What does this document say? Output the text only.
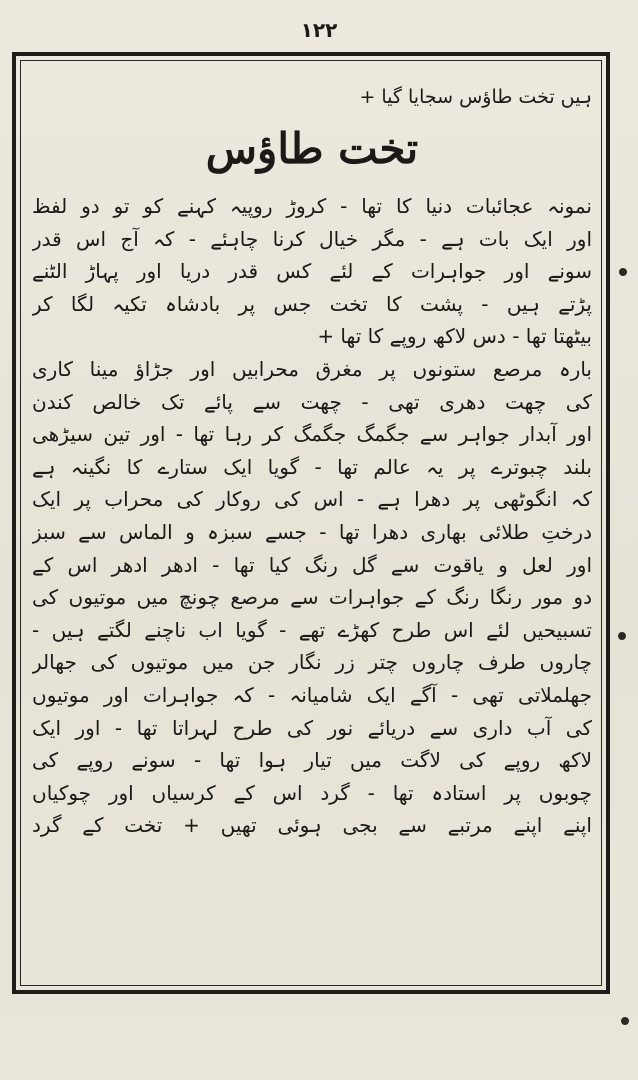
١٢٢

ہیں تخت طاؤس سجایا گیا +

تخت طاؤس
نمونہ عجائبات دنیا کا تھا - کروڑ روپیہ کہنے کو تو دو لفظ
اور ایک بات ہے - مگر خیال کرنا چاہئے - کہ آج اس قدر
سونے اور جواہرات کے لئے کس قدر دریا اور پہاڑ الٹنے
پڑتے ہیں - پشت کا تخت جس پر بادشاہ تکیہ لگا کر
بیٹھتا تھا - دس لاکھ روپے کا تھا +
بارہ مرصع ستونوں پر مغرق محرابیں اور جڑاؤ مینا کاری
کی چھت دھری تھی - چھت سے پائے تک خالص کندن
اور آبدار جواہر سے جگمگ جگمگ کر رہا تھا - اور تین سیڑھی
بلند چبوترے پر یہ عالم تھا - گویا ایک ستارے کا نگینہ ہے
کہ انگوٹھی پر دھرا ہے - اس کی روکار کی محراب پر ایک
درختِ طلائی بھاری دھرا تھا - جسے سبزہ و الماس سے سبز
اور لعل و یاقوت سے گل رنگ کیا تھا - ادھر ادھر اس کے
دو مور رنگا رنگ کے جواہرات سے مرصع چونچ میں موتیوں کی
تسبیحیں لئے اس طرح کھڑے تھے - گویا اب ناچنے لگتے ہیں -
چاروں طرف چاروں چتر زر نگار جن میں موتیوں کی جھالر
جھلملاتی تھی - آگے ایک شامیانہ - کہ جواہرات اور موتیوں
کی آب داری سے دریائے نور کی طرح لہراتا تھا - اور ایک
لاکھ روپے کی لاگت میں تیار ہوا تھا - سونے روپے کی
چوبوں پر استادہ تھا - گرد اس کے کرسیاں اور چوکیاں
اپنے اپنے مرتبے سے بجی ہوئی تھیں + تخت کے گرد
